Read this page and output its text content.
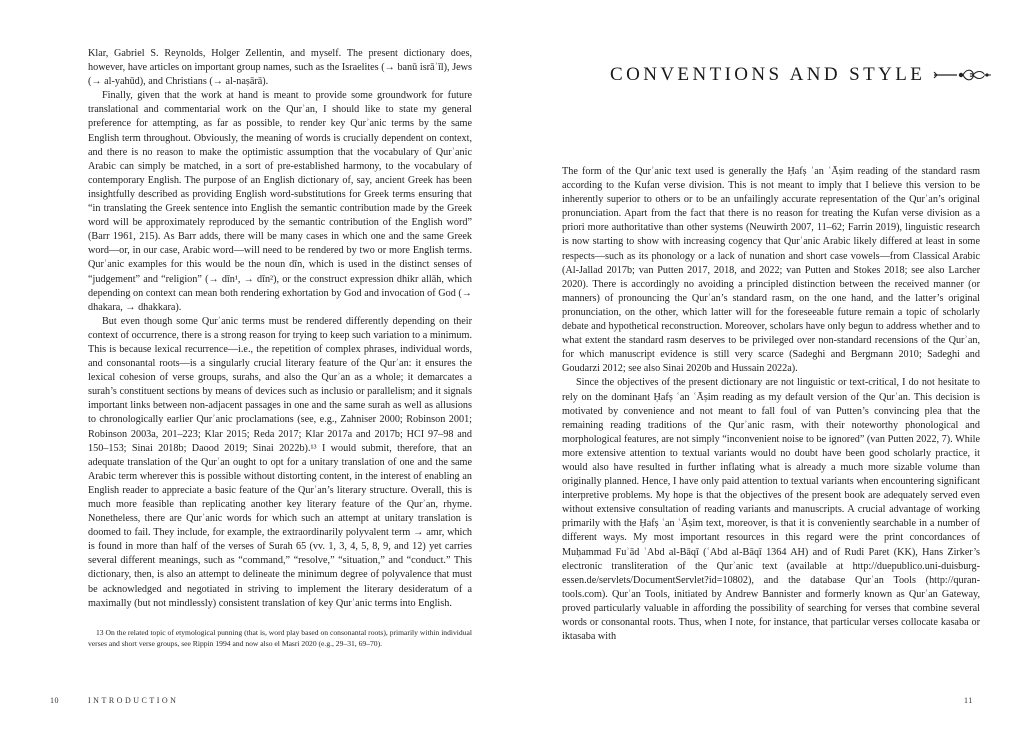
Klar, Gabriel S. Reynolds, Holger Zellentin, and myself. The present dictionary does, however, have articles on important group names, such as the Israelites (→ banū isrāʾīl), Jews (→ al-yahūd), and Christians (→ al-naṣārā).

Finally, given that the work at hand is meant to provide some groundwork for future translational and commentarial work on the Qurʾan, I should like to state my general preference for attempting, as far as possible, to render key Qurʾanic terms by the same English term throughout. Obviously, the meaning of words is crucially dependent on context, and there is no reason to make the optimistic assumption that the vocabulary of Qurʾanic Arabic can simply be matched, in a sort of pre-established harmony, to the vocabulary of contemporary English. The purpose of an English dictionary of, say, ancient Greek has been insightfully described as providing English word-substitutions for Greek terms ensuring that “in translating the Greek sentence into English the semantic contribution made by the Greek word will be approximately reproduced by the semantic contribution of the English word” (Barr 1961, 215). As Barr adds, there will be many cases in which one and the same Greek word—or, in our case, Arabic word—will need to be rendered by two or more English terms. Qurʾanic examples for this would be the noun dīn, which is used in the distinct senses of “judgement” and “religion” (→ dīn¹, → dīn²), or the construct expression dhikr allāh, which depending on context can mean both rendering exhortation by God and invocation of God (→ dhakara, → dhakkara).

But even though some Qurʾanic terms must be rendered differently depending on their context of occurrence, there is a strong reason for trying to keep such variation to a minimum. This is because lexical recurrence—i.e., the repetition of complex phrases, individual words, and consonantal roots—is a singularly crucial literary feature of the Qurʾan: it ensures the lexical cohesion of verse groups, surahs, and also the Qurʾan as a whole; it demarcates a surah’s constituent sections by means of devices such as inclusio or parallelism; and it signals important links between non-adjacent passages in one and the same surah as well as allusions to chronologically earlier Qurʾanic proclamations (see, e.g., Zahniser 2000; Robinson 2001; Robinson 2003a, 201–223; Klar 2015; Reda 2017; Klar 2017a and 2017b; HCI 97–98 and 150–153; Sinai 2018b; Daood 2019; Sinai 2022b).¹³ I would submit, therefore, that an adequate translation of the Qurʾan ought to opt for a unitary translation of one and the same Arabic term wherever this is possible without distorting content, in the interest of enabling an English reader to appreciate a basic feature of the Qurʾan’s literary structure. Overall, this is much more feasible than replicating another key literary feature of the Qurʾan, rhyme. Nonetheless, there are Qurʾanic words for which such an attempt at unitary translation is doomed to fail. They include, for example, the extraordinarily polyvalent term → amr, which is found in more than half of the verses of Surah 65 (vv. 1, 3, 4, 5, 8, 9, and 12) yet carries several different meanings, such as “command,” “resolve,” “situation,” and “conduct.” This dictionary, then, is also an attempt to delineate the minimum degree of polyvalence that must be acknowledged and negotiated in striving to implement the literary desideratum of a maximally (but not mindlessly) consistent translation of key Qurʾanic terms into English.

13 On the related topic of etymological punning (that is, word play based on consonantal roots), primarily within individual verses and short verse groups, see Rippin 1994 and now also el Masri 2020 (e.g., 29–31, 69–70).

10	INTRODUCTION

The form of the Qurʾanic text used is generally the Ḥafṣ ʿan ʿĀṣim reading of the standard rasm according to the Kufan verse division. This is not meant to imply that I believe this version to be inherently superior to others or to be an unfailingly accurate representation of the Qurʾan’s original pronunciation. Apart from the fact that there is no reason for treating the Kufan verse division as a priori more authoritative than other systems (Neuwirth 2007, 11–62; Farrin 2019), linguistic research is now starting to show with increasing cogency that Qurʾanic Arabic likely differed at least in some respects—such as its phonology or a lack of nunation and short case vowels—from Classical Arabic (Al-Jallad 2017b; van Putten 2017, 2018, and 2022; van Putten and Stokes 2018; see also Larcher 2020). There is accordingly no avoiding a principled distinction between the received manner (or manners) of pronouncing the Qurʾan’s standard rasm, on the one hand, and the latter’s original pronunciation, on the other, which latter will for the foreseeable future remain a topic of scholarly debate and hypothetical reconstruction. Moreover, scholars have only begun to address whether and to what extent the standard rasm deserves to be privileged over non-standard recensions of the Qurʾan, for which manuscript evidence is still very scarce (Sadeghi and Bergmann 2010; Sadeghi and Goudarzi 2012; see also Sinai 2020b and Hussain 2022a).

Since the objectives of the present dictionary are not linguistic or text-critical, I do not hesitate to rely on the dominant Ḥafṣ ʿan ʿĀṣim reading as my default version of the Qurʾan. This decision is motivated by convenience and not meant to fall foul of van Putten’s convincing plea that the remaining reading traditions of the Qurʾanic rasm, with their noteworthy phonological and morphological features, are not simply “inconvenient noise to be ignored” (van Putten 2022, 7). While more extensive attention to textual variants would no doubt have been good scholarly practice, it would also have resulted in further inflating what is already a much more sizable volume than originally planned. Hence, I have only paid attention to textual variants when encountering significant interpretive problems. My hope is that the objectives of the present book are adequately served even without extensive consultation of reading variants and manuscripts. A crucial advantage of working primarily with the Ḥafṣ ʿan ʿĀṣim text, moreover, is that it is conveniently searchable in a number of different ways. My most important resources in this regard were the print concordances of Muḥammad Fuʾād ʿAbd al-Bāqī (ʿAbd al-Bāqī 1364 AH) and of Rudi Paret (KK), Hans Zirker’s electronic transliteration of the Qurʾanic text (available at http://duepublico.uni-duisburg-essen.de/servlets/DocumentServlet?id=10802), and the database Qurʾan Tools (http://quran-tools.com). Qurʾan Tools, initiated by Andrew Bannister and formerly known as Qurʾan Gateway, proved particularly valuable in affording the possibility of searching for verses that combine several words or consonantal roots. Thus, when I note, for instance, that particular verses collocate kasaba or iktasaba with

11
CONVENTIONS AND STYLE
